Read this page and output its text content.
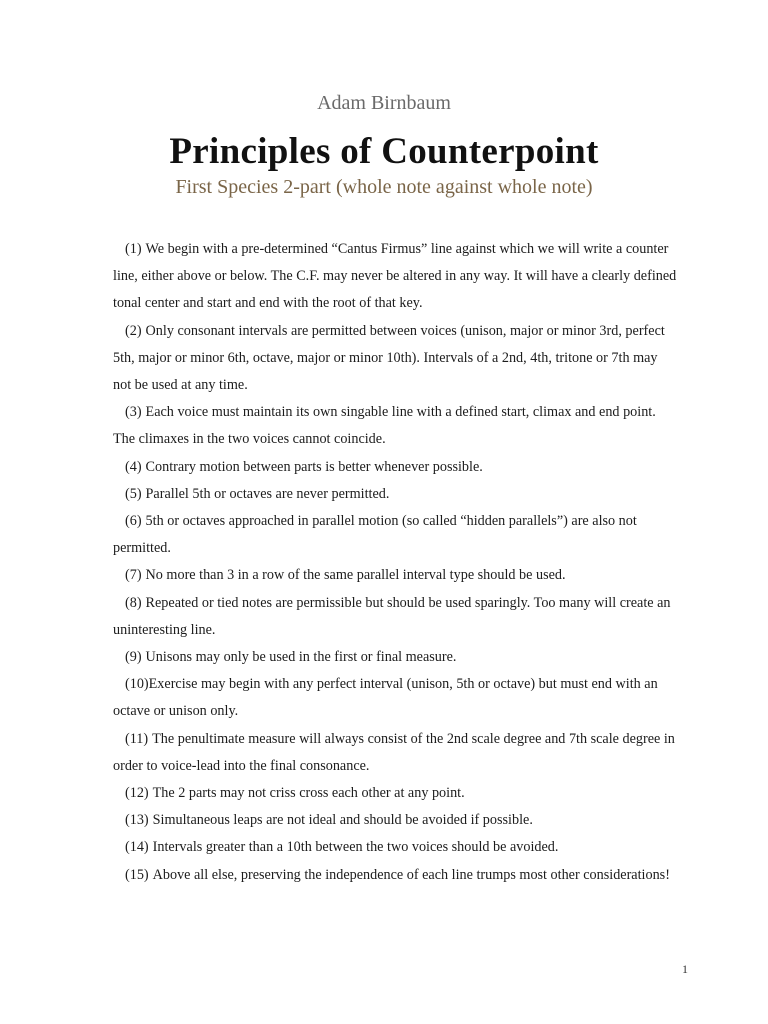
Adam Birnbaum
Principles of Counterpoint
First Species 2-part (whole note against whole note)
(1) We begin with a pre-determined “Cantus Firmus” line against which we will write a counter line, either above or below. The C.F. may never be altered in any way. It will have a clearly defined tonal center and start and end with the root of that key.
(2) Only consonant intervals are permitted between voices (unison, major or minor 3rd, perfect 5th, major or minor 6th, octave, major or minor 10th). Intervals of a 2nd, 4th, tritone or 7th may not be used at any time.
(3) Each voice must maintain its own singable line with a defined start, climax and end point. The climaxes in the two voices cannot coincide.
(4) Contrary motion between parts is better whenever possible.
(5) Parallel 5th or octaves are never permitted.
(6) 5th or octaves approached in parallel motion (so called “hidden parallels”) are also not permitted.
(7) No more than 3 in a row of the same parallel interval type should be used.
(8) Repeated or tied notes are permissible but should be used sparingly. Too many will create an uninteresting line.
(9) Unisons may only be used in the first or final measure.
(10)Exercise may begin with any perfect interval (unison, 5th or octave) but must end with an octave or unison only.
(11) The penultimate measure will always consist of the 2nd scale degree and 7th scale degree in order to voice-lead into the final consonance.
(12) The 2 parts may not criss cross each other at any point.
(13) Simultaneous leaps are not ideal and should be avoided if possible.
(14) Intervals greater than a 10th between the two voices should be avoided.
(15) Above all else, preserving the independence of each line trumps most other considerations!
1
